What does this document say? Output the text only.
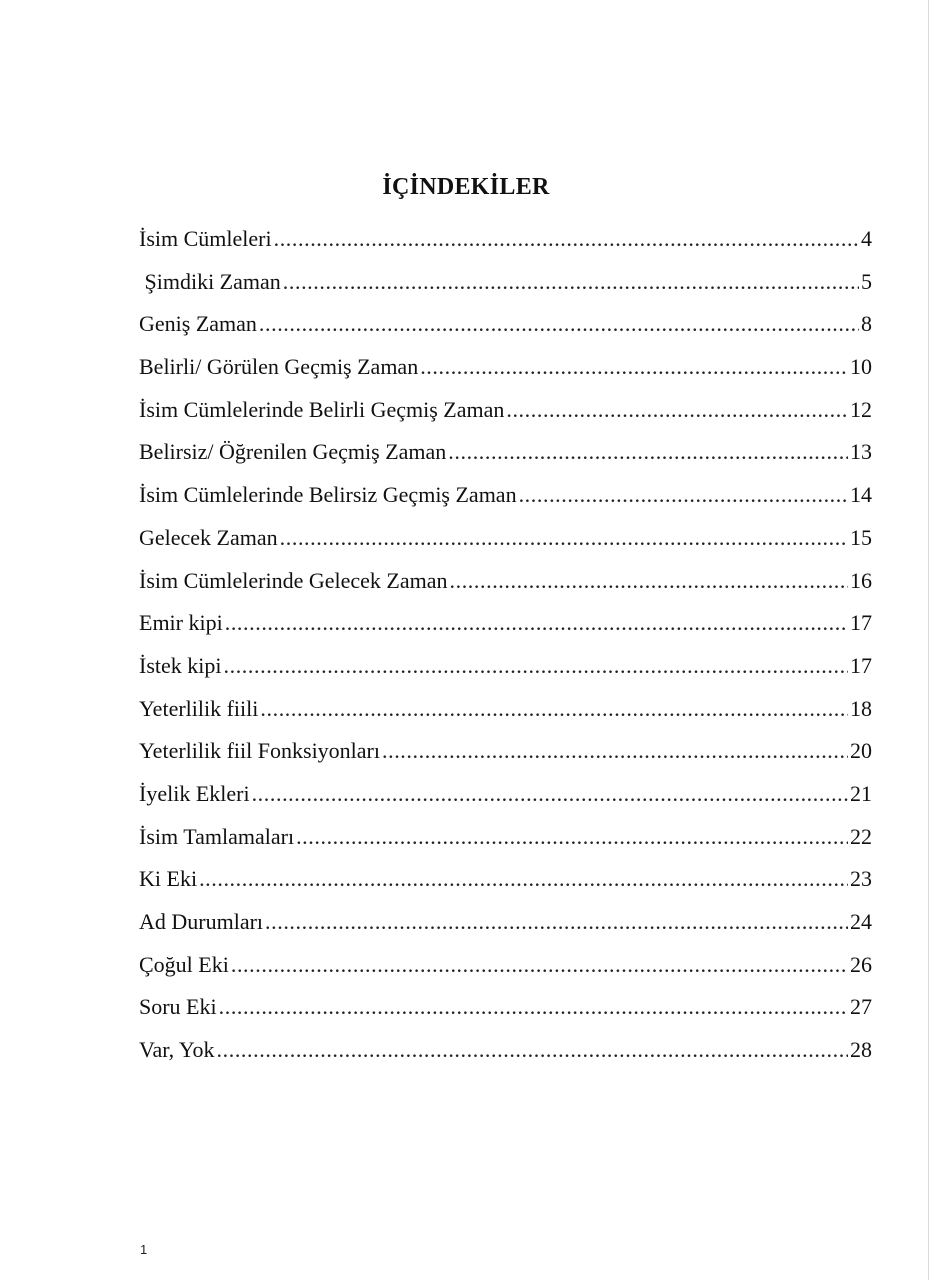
İÇİNDEKİLER
İsim Cümleleri .....	4
Şimdiki Zaman .....	5
Geniş Zaman .....	8
Belirli/ Görülen Geçmiş Zaman .....	10
İsim Cümlelerinde Belirli Geçmiş Zaman .....	12
Belirsiz/ Öğrenilen Geçmiş Zaman .....	13
İsim Cümlelerinde Belirsiz Geçmiş Zaman .....	14
Gelecek Zaman .....	15
İsim Cümlelerinde Gelecek Zaman .....	16
Emir kipi .....	17
İstek kipi .....	17
Yeterlilik fiili .....	18
Yeterlilik fiil Fonksiyonları .....	20
İyelik Ekleri .....	21
İsim Tamlamaları .....	22
Ki Eki .....	23
Ad Durumları .....	24
Çoğul Eki .....	26
Soru Eki .....	27
Var, Yok .....	28
1
